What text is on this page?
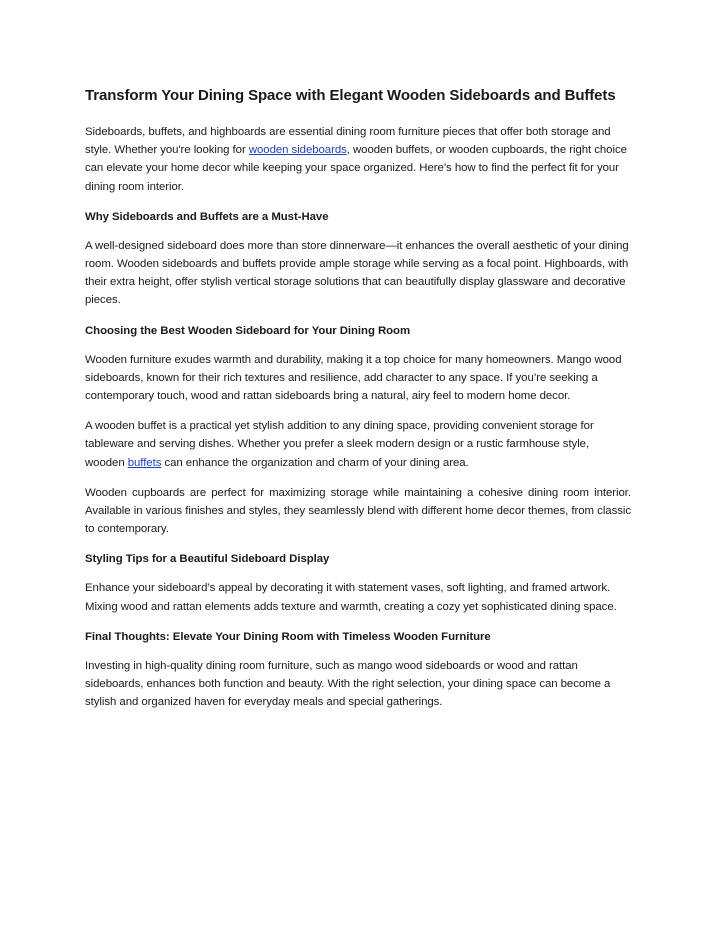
Transform Your Dining Space with Elegant Wooden Sideboards and Buffets

Sideboards, buffets, and highboards are essential dining room furniture pieces that offer both storage and style. Whether you're looking for wooden sideboards, wooden buffets, or wooden cupboards, the right choice can elevate your home decor while keeping your space organized. Here’s how to find the perfect fit for your dining room interior.

Why Sideboards and Buffets are a Must-Have

A well-designed sideboard does more than store dinnerware—it enhances the overall aesthetic of your dining room. Wooden sideboards and buffets provide ample storage while serving as a focal point. Highboards, with their extra height, offer stylish vertical storage solutions that can beautifully display glassware and decorative pieces.

Choosing the Best Wooden Sideboard for Your Dining Room

Wooden furniture exudes warmth and durability, making it a top choice for many homeowners. Mango wood sideboards, known for their rich textures and resilience, add character to any space. If you’re seeking a contemporary touch, wood and rattan sideboards bring a natural, airy feel to modern home decor.

A wooden buffet is a practical yet stylish addition to any dining space, providing convenient storage for tableware and serving dishes. Whether you prefer a sleek modern design or a rustic farmhouse style, wooden buffets can enhance the organization and charm of your dining area.

Wooden cupboards are perfect for maximizing storage while maintaining a cohesive dining room interior. Available in various finishes and styles, they seamlessly blend with different home decor themes, from classic to contemporary.

Styling Tips for a Beautiful Sideboard Display

Enhance your sideboard’s appeal by decorating it with statement vases, soft lighting, and framed artwork. Mixing wood and rattan elements adds texture and warmth, creating a cozy yet sophisticated dining space.

Final Thoughts: Elevate Your Dining Room with Timeless Wooden Furniture

Investing in high-quality dining room furniture, such as mango wood sideboards or wood and rattan sideboards, enhances both function and beauty. With the right selection, your dining space can become a stylish and organized haven for everyday meals and special gatherings.
